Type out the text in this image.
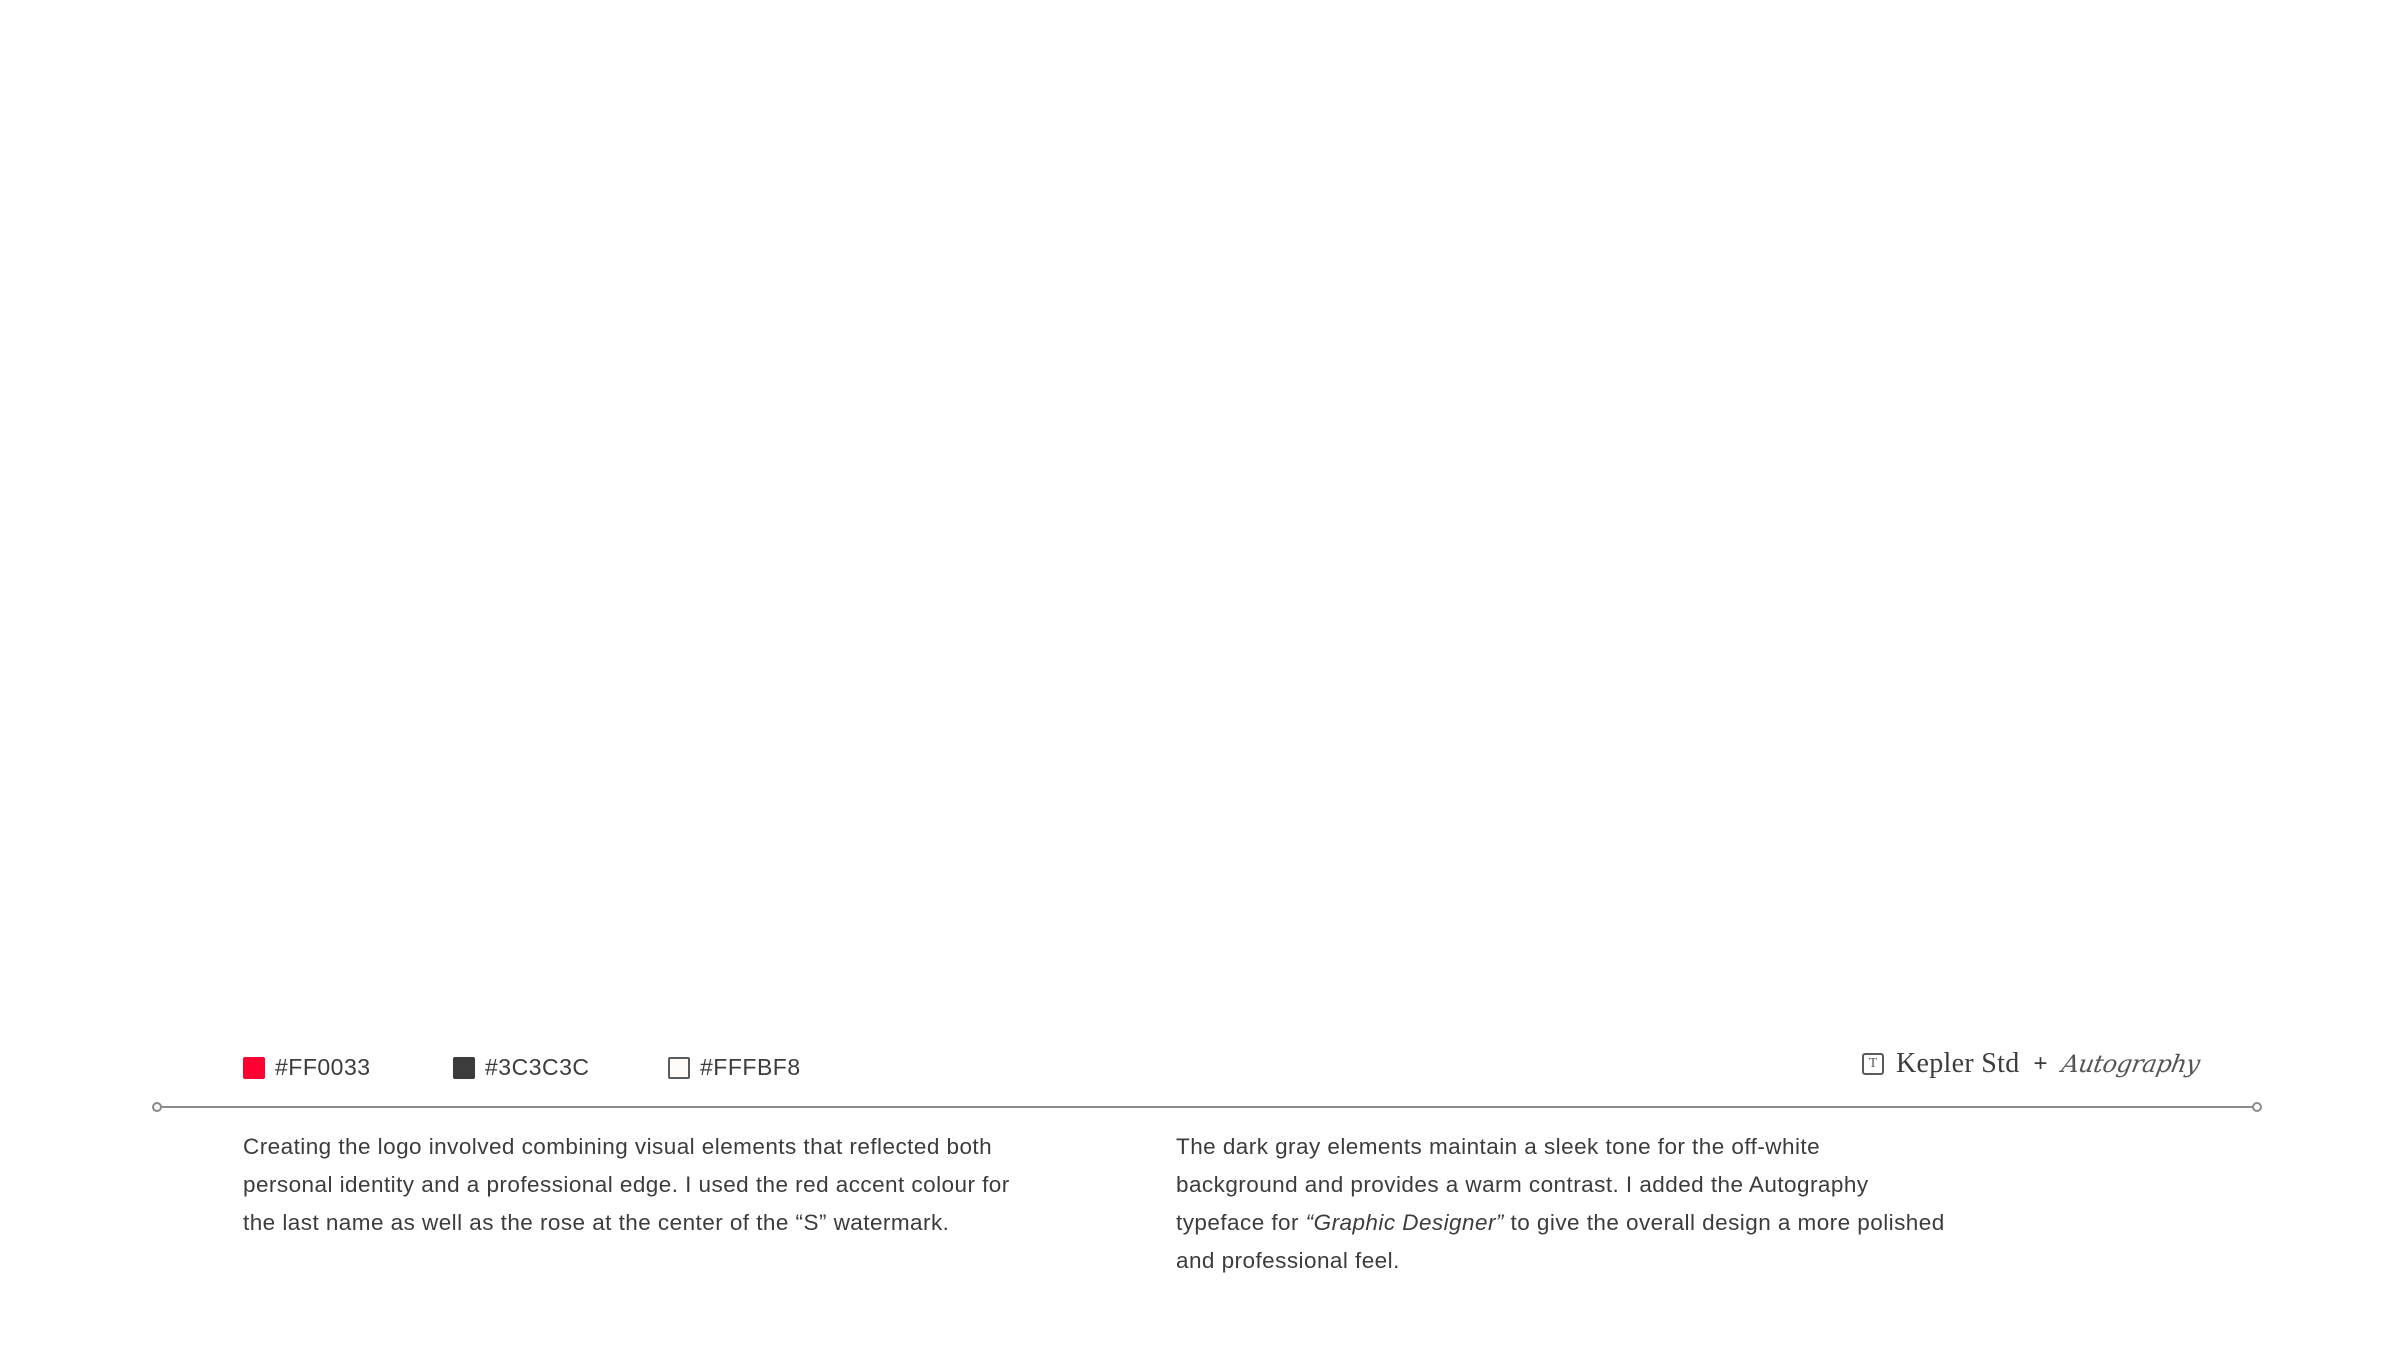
#FF0033	#3C3C3C	#FFFBF8	T Kepler Std + Autography

Creating the logo involved combining visual elements that reflected both personal identity and a professional edge. I used the red accent colour for the last name as well as the rose at the center of the “S” watermark.

The dark gray elements maintain a sleek tone for the off-white background and provides a warm contrast. I added the Autography typeface for “Graphic Designer” to give the overall design a more polished and professional feel.
